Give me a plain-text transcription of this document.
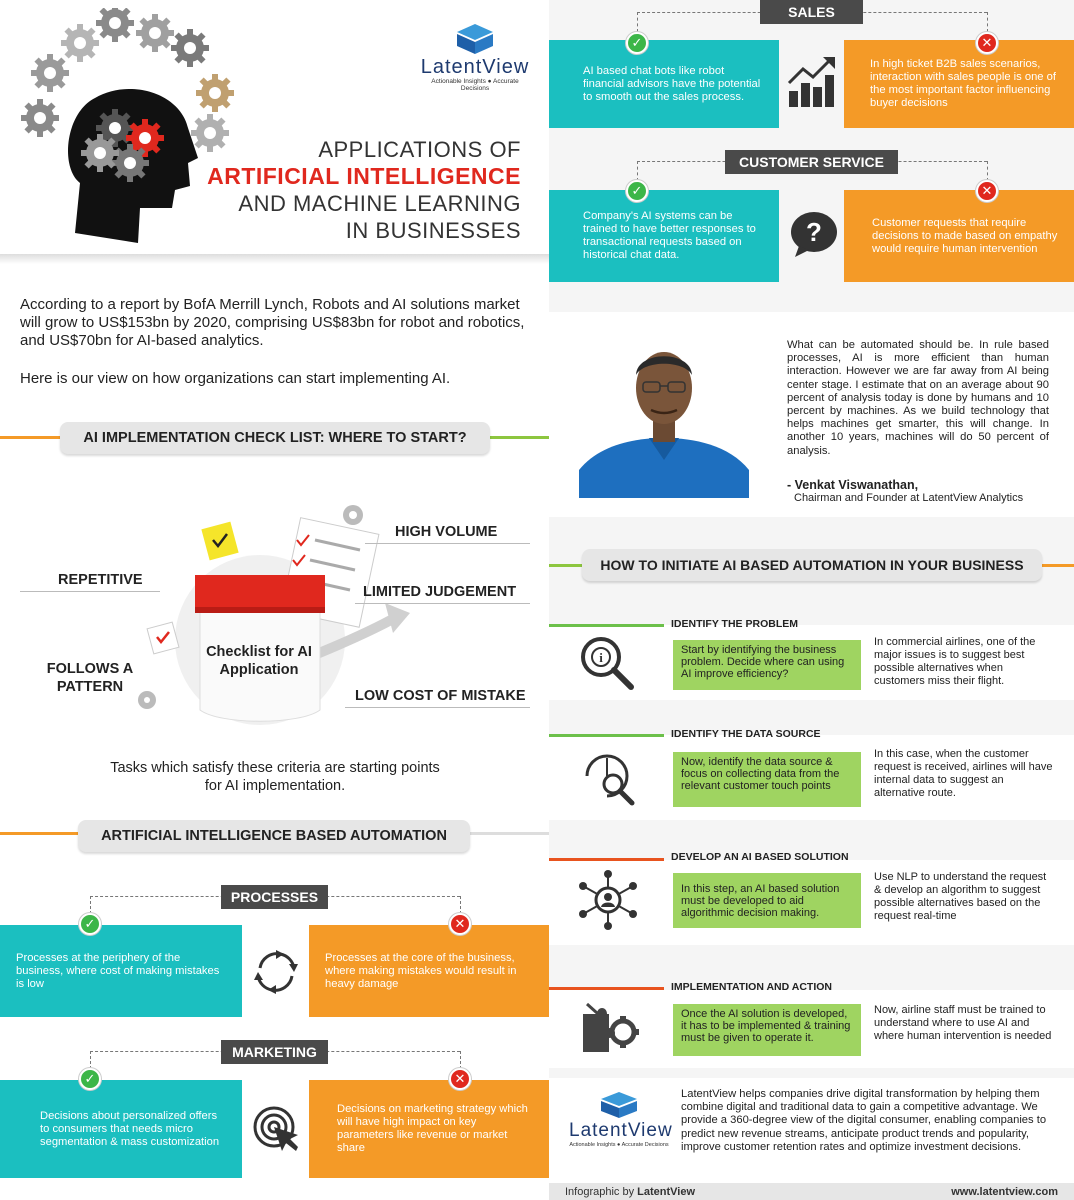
LatentView
Actionable Insights ● Accurate Decisions
APPLICATIONS OF
ARTIFICIAL INTELLIGENCE
AND MACHINE LEARNING
IN BUSINESSES
According to a report by BofA Merrill Lynch, Robots and AI solutions market will grow to US$153bn by 2020, comprising US$83bn for robot and robotics, and US$70bn for AI-based analytics.
Here is our view on how organizations can start implementing AI.
AI IMPLEMENTATION CHECK LIST: WHERE TO START?
Checklist for AI Application
HIGH VOLUME
REPETITIVE
LIMITED JUDGEMENT
FOLLOWS A PATTERN
LOW COST OF MISTAKE
Tasks which satisfy these criteria are starting points for AI implementation.
ARTIFICIAL INTELLIGENCE BASED AUTOMATION
PROCESSES
Processes at the periphery of the business, where cost of making mistakes is low
Processes at the core of the business, where making mistakes would result in heavy damage
✓	✕
MARKETING
Decisions about personalized offers to consumers that needs micro segmentation & mass customization
Decisions on marketing strategy which will have high impact on key parameters like revenue or market share
✓	✕
SALES
AI based chat bots like robot financial advisors have the potential to smooth out the sales process.
In high ticket B2B sales scenarios, interaction with sales people is one of the most important factor influencing buyer decisions
✓	✕
CUSTOMER SERVICE
Company's AI systems can be trained to have better responses to transactional requests based on historical chat data.
Customer requests that require decisions to made based on empathy would require human intervention
✓	✕
?
What can be automated should be. In rule based processes, AI is more efficient than human interaction. However we are far away from AI being center stage. I estimate that on an average about 90 percent of analysis today is done by humans and 10 percent by machines. As we build technology that helps machines get smarter, this will change. In another 10 years, machines will do 50 percent of analysis.
- Venkat Viswanathan,
Chairman and Founder at LatentView Analytics
HOW TO INITIATE AI BASED AUTOMATION IN YOUR BUSINESS
IDENTIFY THE PROBLEM
i	Start by identifying the business problem. Decide where can using AI improve efficiency?
In commercial airlines, one of the major issues is to suggest best possible alternatives when customers miss their flight.
IDENTIFY THE DATA SOURCE
Now, identify the data source & focus on collecting data from the relevant customer touch points
In this case, when the customer request is received, airlines will have internal data to suggest an alternative route.
DEVELOP AN AI BASED SOLUTION
In this step, an AI based solution must be developed to aid algorithmic decision making.
Use NLP to understand the request & develop an algorithm to suggest possible alternatives based on the request real-time
IMPLEMENTATION AND ACTION
Once the AI solution is developed, it has to be implemented & training must be given to operate it.
Now, airline staff must be trained to understand where to use AI and where human intervention is needed
LatentView
Actionable Insights ● Accurate Decisions
LatentView helps companies drive digital transformation by helping them combine digital and traditional data to gain a competitive advantage. We provide a 360-degree view of the digital consumer, enabling companies to predict new revenue streams, anticipate product trends and popularity, improve customer retention rates and optimize investment decisions.
Infographic by LatentView	www.latentview.com
